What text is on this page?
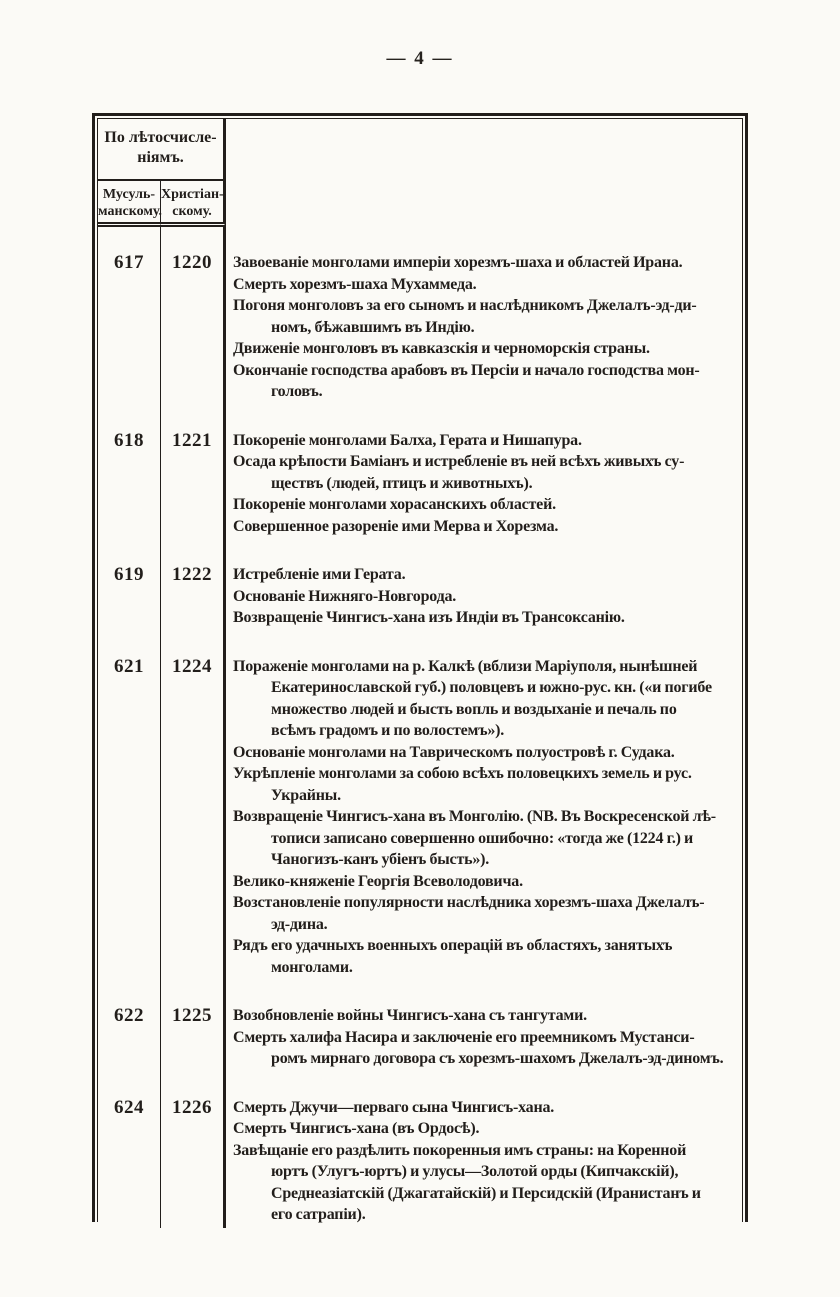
— 4 —
По лѣтосчисле-
ніямъ.
Мусуль-
манскому.
Христіан-
скому.
617	1220	Завоеваніе монголами имперіи хорезмъ-шаха и областей Ирана.
Смерть хорезмъ-шаха Мухаммеда.
Погоня монголовъ за его сыномъ и наслѣдникомъ Джелалъ-эд-ди-
номъ, бѣжавшимъ въ Индію.
Движеніе монголовъ въ кавказскія и черноморскія страны.
Окончаніе господства арабовъ въ Персіи и начало господства мон-
головъ.
618	1221	Покореніе монголами Балха, Герата и Нишапура.
Осада крѣпости Баміанъ и истребленіе въ ней всѣхъ живыхъ су-
ществъ (людей, птицъ и животныхъ).
Покореніе монголами хорасанскихъ областей.
Совершенное разореніе ими Мерва и Хорезма.
619	1222	Истребленіе ими Герата.
Основаніе Нижняго-Новгорода.
Возвращеніе Чингисъ-хана изъ Индіи въ Трансоксанію.
621	1224	Пораженіе монголами на р. Калкѣ (вблизи Маріуполя, нынѣшней
Екатеринославской губ.) половцевъ и южно-рус. кн. («и погибе
множество людей и бысть вопль и воздыханіе и печаль по
всѣмъ градомъ и по волостемъ»).
Основаніе монголами на Таврическомъ полуостровѣ г. Судака.
Укрѣпленіе монголами за собою всѣхъ половецкихъ земель и рус.
Украйны.
Возвращеніе Чингисъ-хана въ Монголію. (NB. Въ Воскресенской лѣ-
тописи записано совершенно ошибочно: «тогда же (1224 г.) и
Чаногизъ-канъ убіенъ бысть»).
Велико-княженіе Георгія Всеволодовича.
Возстановленіе популярности наслѣдника хорезмъ-шаха Джелалъ-
эд-дина.
Рядъ его удачныхъ военныхъ операцій въ областяхъ, занятыхъ
монголами.
622	1225	Возобновленіе войны Чингисъ-хана съ тангутами.
Смерть халифа Насира и заключеніе его преемникомъ Мустанси-
ромъ мирнаго договора съ хорезмъ-шахомъ Джелалъ-эд-диномъ.
624	1226	Смерть Джучи—перваго сына Чингисъ-хана.
Смерть Чингисъ-хана (въ Ордосѣ).
Завѣщаніе его раздѣлить покоренныя имъ страны: на Коренной
юртъ (Улугъ-юртъ) и улусы—Золотой орды (Кипчакскій),
Среднеазіатскій (Джагатайскій) и Персидскій (Иранистанъ и
его сатрапіи).
